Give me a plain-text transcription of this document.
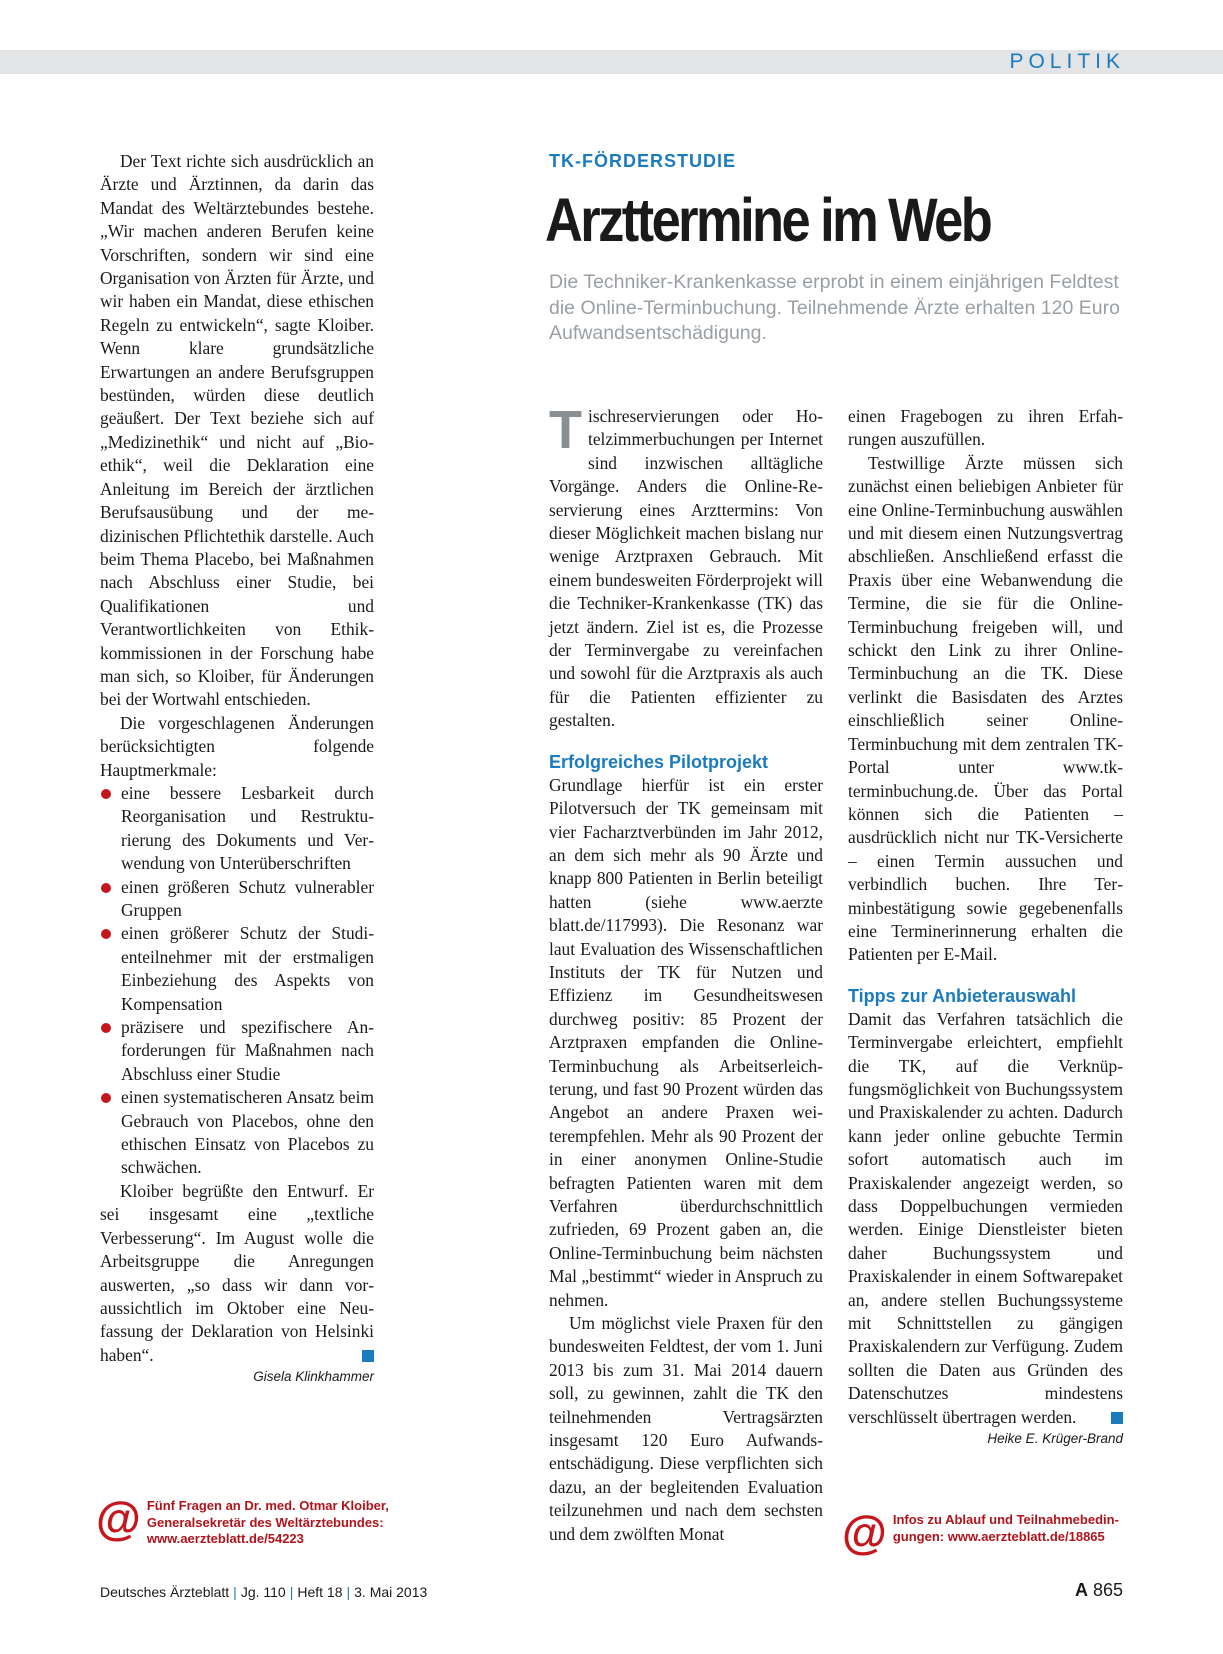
POLITIK

Der Text richte sich ausdrücklich an Ärzte und Ärztinnen, da darin das Mandat des Weltärztebundes bestehe. „Wir machen anderen Berufen keine Vorschriften, sondern wir sind eine Organisation von Ärzten für Ärzte, und wir haben ein Mandat, diese ethischen Regeln zu entwickeln“, sagte Kloiber. Wenn klare grundsätzliche Erwartungen an andere Berufsgruppen bestünden, würden diese deutlich geäußert. Der Text beziehe sich auf „Medizinethik“ und nicht auf „Bioethik“, weil die Deklaration eine Anleitung im Bereich der ärztlichen Berufsausübung und der medizinischen Pflichtethik darstelle. Auch beim Thema Placebo, bei Maßnahmen nach Abschluss einer Studie, bei Qualifikationen und Verantwortlichkeiten von Ethikkommissionen in der Forschung habe man sich, so Kloiber, für Änderungen bei der Wortwahl entschieden.

Die vorgeschlagenen Änderungen berücksichtigten folgende Hauptmerkmale:

eine bessere Lesbarkeit durch Reorganisation und Restrukturierung des Dokuments und Verwendung von Unterüberschriften
einen größeren Schutz vulnerabler Gruppen
einen größerer Schutz der Studienteilnehmer mit der erstmaligen Einbeziehung des Aspekts von Kompensation
präzisere und spezifischere Anforderungen für Maßnahmen nach Abschluss einer Studie
einen systematischeren Ansatz beim Gebrauch von Placebos, ohne den ethischen Einsatz von Placebos zu schwächen.

Kloiber begrüßte den Entwurf. Er sei insgesamt eine „textliche Verbesserung“. Im August wolle die Arbeitsgruppe die Anregungen auswerten, „so dass wir dann voraussichtlich im Oktober eine Neufassung der Deklaration von Helsinki haben“.

Gisela Klinkhammer
@ Fünf Fragen an Dr. med. Otmar Kloiber, Generalsekretär des Weltärztebundes: www.aerzteblatt.de/54223
TK-FÖRDERSTUDIE
Arzttermine im Web
Die Techniker-Krankenkasse erprobt in einem einjährigen Feldtest die Online-Terminbuchung. Teilnehmende Ärzte erhalten 120 Euro Aufwandsentschädigung.

Tischreservierungen oder Hotelzimmerbuchungen per Internet sind inzwischen alltägliche Vorgänge. Anders die Online-Reservierung eines Arzttermins: Von dieser Möglichkeit machen bislang nur wenige Arztpraxen Gebrauch. Mit einem bundesweiten Förderprojekt will die Techniker-Krankenkasse (TK) das jetzt ändern. Ziel ist es, die Prozesse der Terminvergabe zu vereinfachen und sowohl für die Arztpraxis als auch für die Patienten effizienter zu gestalten.

Erfolgreiches Pilotprojekt

Grundlage hierfür ist ein erster Pilotversuch der TK gemeinsam mit vier Facharztverbünden im Jahr 2012, an dem sich mehr als 90 Ärzte und knapp 800 Patienten in Berlin beteiligt hatten (siehe www.aerzte blatt.de/117993). Die Resonanz war laut Evaluation des Wissenschaftlichen Instituts der TK für Nutzen und Effizienz im Gesundheitswesen durchweg positiv: 85 Prozent der Arztpraxen empfanden die Online-Terminbuchung als Arbeitserleichterung, und fast 90 Prozent würden das Angebot an andere Praxen weiterempfehlen. Mehr als 90 Prozent der in einer anonymen Online-Studie befragten Patienten waren mit dem Verfahren überdurchschnittlich zufrieden, 69 Prozent gaben an, die Online-Terminbuchung beim nächsten Mal „bestimmt“ wieder in Anspruch zu nehmen.

Um möglichst viele Praxen für den bundesweiten Feldtest, der vom 1. Juni 2013 bis zum 31. Mai 2014 dauern soll, zu gewinnen, zahlt die TK den teilnehmenden Vertragsärzten insgesamt 120 Euro Aufwandsentschädigung. Diese verpflichten sich dazu, an der begleitenden Evaluation teilzunehmen und nach dem sechsten und dem zwölften Monat

einen Fragebogen zu ihren Erfahrungen auszufüllen.

Testwillige Ärzte müssen sich zunächst einen beliebigen Anbieter für eine Online-Terminbuchung auswählen und mit diesem einen Nutzungsvertrag abschließen. Anschließend erfasst die Praxis über eine Webanwendung die Termine, die sie für die Online-Terminbuchung freigeben will, und schickt den Link zu ihrer Online-Terminbuchung an die TK. Diese verlinkt die Basisdaten des Arztes einschließlich seiner Online-Terminbuchung mit dem zentralen TK-Portal unter www.tk-terminbuchung.de. Über das Portal können sich die Patienten – ausdrücklich nicht nur TK-Versicherte – einen Termin aussuchen und verbindlich buchen. Ihre Terminbestätigung sowie gegebenenfalls eine Terminerinnerung erhalten die Patienten per E-Mail.

Tipps zur Anbieterauswahl

Damit das Verfahren tatsächlich die Terminvergabe erleichtert, empfiehlt die TK, auf die Verknüpfungsmöglichkeit von Buchungssystem und Praxiskalender zu achten. Dadurch kann jeder online gebuchte Termin sofort automatisch auch im Praxiskalender angezeigt werden, so dass Doppelbuchungen vermieden werden. Einige Dienstleister bieten daher Buchungssystem und Praxiskalender in einem Softwarepaket an, andere stellen Buchungssysteme mit Schnittstellen zu gängigen Praxiskalendern zur Verfügung. Zudem sollten die Daten aus Gründen des Datenschutzes mindestens verschlüsselt übertragen werden.

Heike E. Krüger-Brand
@ Infos zu Ablauf und Teilnahmebedingungen: www.aerzteblatt.de/18865
Deutsches Ärzteblatt | Jg. 110 | Heft 18 | 3. Mai 2013	A 865
